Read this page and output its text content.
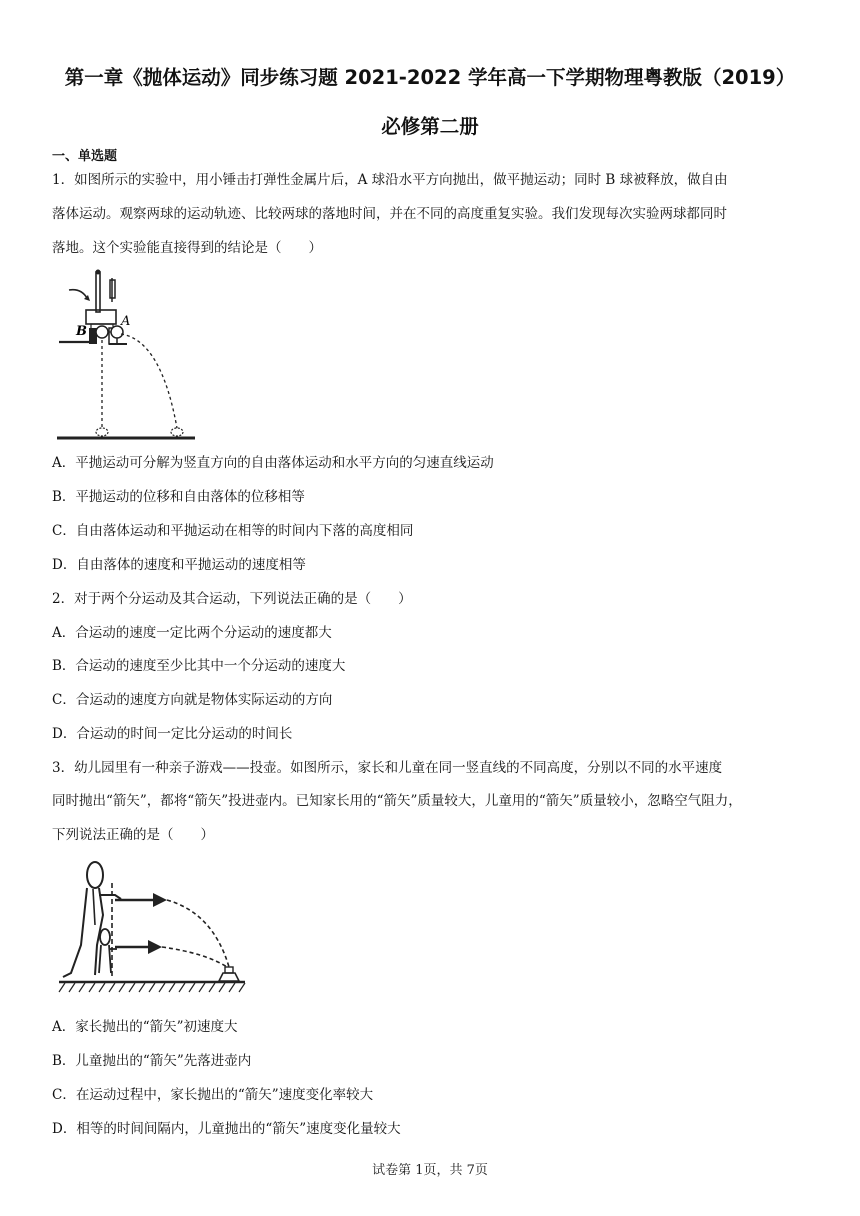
第一章《抛体运动》同步练习题 2021-2022 学年高一下学期物理粤教版（2019）
必修第二册
一、单选题
1．如图所示的实验中，用小锤击打弹性金属片后，A 球沿水平方向抛出，做平抛运动；同时 B 球被释放，做自由
落体运动。观察两球的运动轨迹、比较两球的落地时间，并在不同的高度重复实验。我们发现每次实验两球都同时
落地。这个实验能直接得到的结论是（　　）
B
A
A．平抛运动可分解为竖直方向的自由落体运动和水平方向的匀速直线运动
B．平抛运动的位移和自由落体的位移相等
C．自由落体运动和平抛运动在相等的时间内下落的高度相同
D．自由落体的速度和平抛运动的速度相等
2．对于两个分运动及其合运动，下列说法正确的是（　　）
A．合运动的速度一定比两个分运动的速度都大
B．合运动的速度至少比其中一个分运动的速度大
C．合运动的速度方向就是物体实际运动的方向
D．合运动的时间一定比分运动的时间长
3．幼儿园里有一种亲子游戏——投壶。如图所示，家长和儿童在同一竖直线的不同高度，分别以不同的水平速度
同时抛出“箭矢”，都将“箭矢”投进壶内。已知家长用的“箭矢”质量较大，儿童用的“箭矢”质量较小，忽略空气阻力，
下列说法正确的是（　　）
A．家长抛出的“箭矢”初速度大
B．儿童抛出的“箭矢”先落进壶内
C．在运动过程中，家长抛出的“箭矢”速度变化率较大
D．相等的时间间隔内，儿童抛出的“箭矢”速度变化量较大
试卷第 1页，共 7页
